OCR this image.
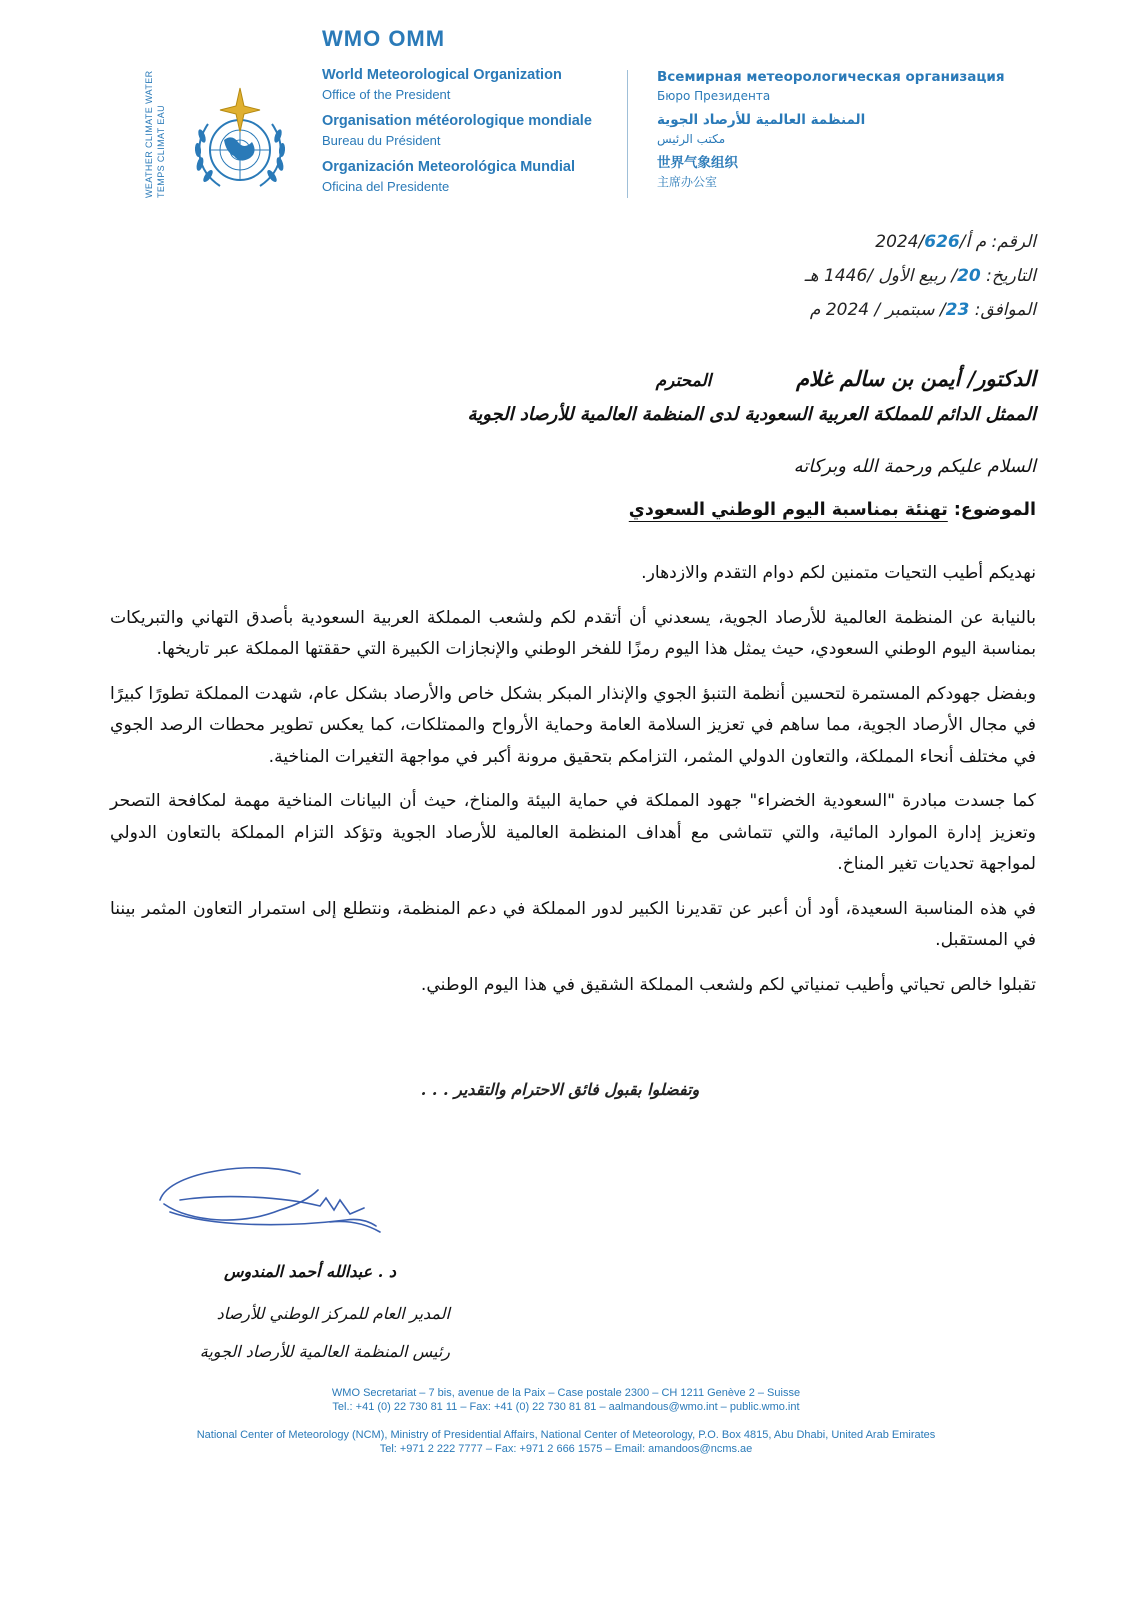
WMO OMM
WEATHER CLIMATE WATER TEMPS CLIMAT EAU
World Meteorological Organization
Office of the President
Organisation météorologique mondiale
Bureau du Président
Organización Meteorológica Mundial
Oficina del Presidente
Всемирная метеорологическая организация
Бюро Президента
المنظمة العالمية للأرصاد الجوية
مكتب الرئيس
世界气象组织
主席办公室
الرقم: م أ/2024/626
التاريخ: 20/ ربيع الأول /1446 هـ
الموافق: 23/ سبتمبر / 2024 م
الدكتور/ أيمن بن سالم غلام  المحترم
الممثل الدائم للمملكة العربية السعودية لدى المنظمة العالمية للأرصاد الجوية
السلام عليكم ورحمة الله وبركاته
الموضوع: تهنئة بمناسبة اليوم الوطني السعودي

نهديكم أطيب التحيات متمنين لكم دوام التقدم والازدهار.

بالنيابة عن المنظمة العالمية للأرصاد الجوية، يسعدني أن أتقدم لكم ولشعب المملكة العربية السعودية بأصدق التهاني والتبريكات بمناسبة اليوم الوطني السعودي، حيث يمثل هذا اليوم رمزًا للفخر الوطني والإنجازات الكبيرة التي حققتها المملكة عبر تاريخها.

وبفضل جهودكم المستمرة لتحسين أنظمة التنبؤ الجوي والإنذار المبكر بشكل خاص والأرصاد بشكل عام، شهدت المملكة تطورًا كبيرًا في مجال الأرصاد الجوية، مما ساهم في تعزيز السلامة العامة وحماية الأرواح والممتلكات، كما يعكس تطوير محطات الرصد الجوي في مختلف أنحاء المملكة، والتعاون الدولي المثمر، التزامكم بتحقيق مرونة أكبر في مواجهة التغيرات المناخية.

كما جسدت مبادرة "السعودية الخضراء" جهود المملكة في حماية البيئة والمناخ، حيث أن البيانات المناخية مهمة لمكافحة التصحر وتعزيز إدارة الموارد المائية، والتي تتماشى مع أهداف المنظمة العالمية للأرصاد الجوية وتؤكد التزام المملكة بالتعاون الدولي لمواجهة تحديات تغير المناخ.

في هذه المناسبة السعيدة، أود أن أعبر عن تقديرنا الكبير لدور المملكة في دعم المنظمة، ونتطلع إلى استمرار التعاون المثمر بيننا في المستقبل.

تقبلوا خالص تحياتي وأطيب تمنياتي لكم ولشعب المملكة الشقيق في هذا اليوم الوطني.

وتفضلوا بقبول فائق الاحترام والتقدير . . .
د . عبدالله أحمد المندوس
المدير العام للمركز الوطني للأرصاد
رئيس المنظمة العالمية للأرصاد الجوية
WMO Secretariat – 7 bis, avenue de la Paix – Case postale 2300 – CH 1211 Genève 2 – Suisse
Tel.: +41 (0) 22 730 81 11 – Fax: +41 (0) 22 730 81 81 – aalmandous@wmo.int – public.wmo.int
National Center of Meteorology (NCM), Ministry of Presidential Affairs, National Center of Meteorology, P.O. Box 4815, Abu Dhabi, United Arab Emirates
Tel: +971 2 222 7777 – Fax: +971 2 666 1575 – Email: amandoos@ncms.ae
